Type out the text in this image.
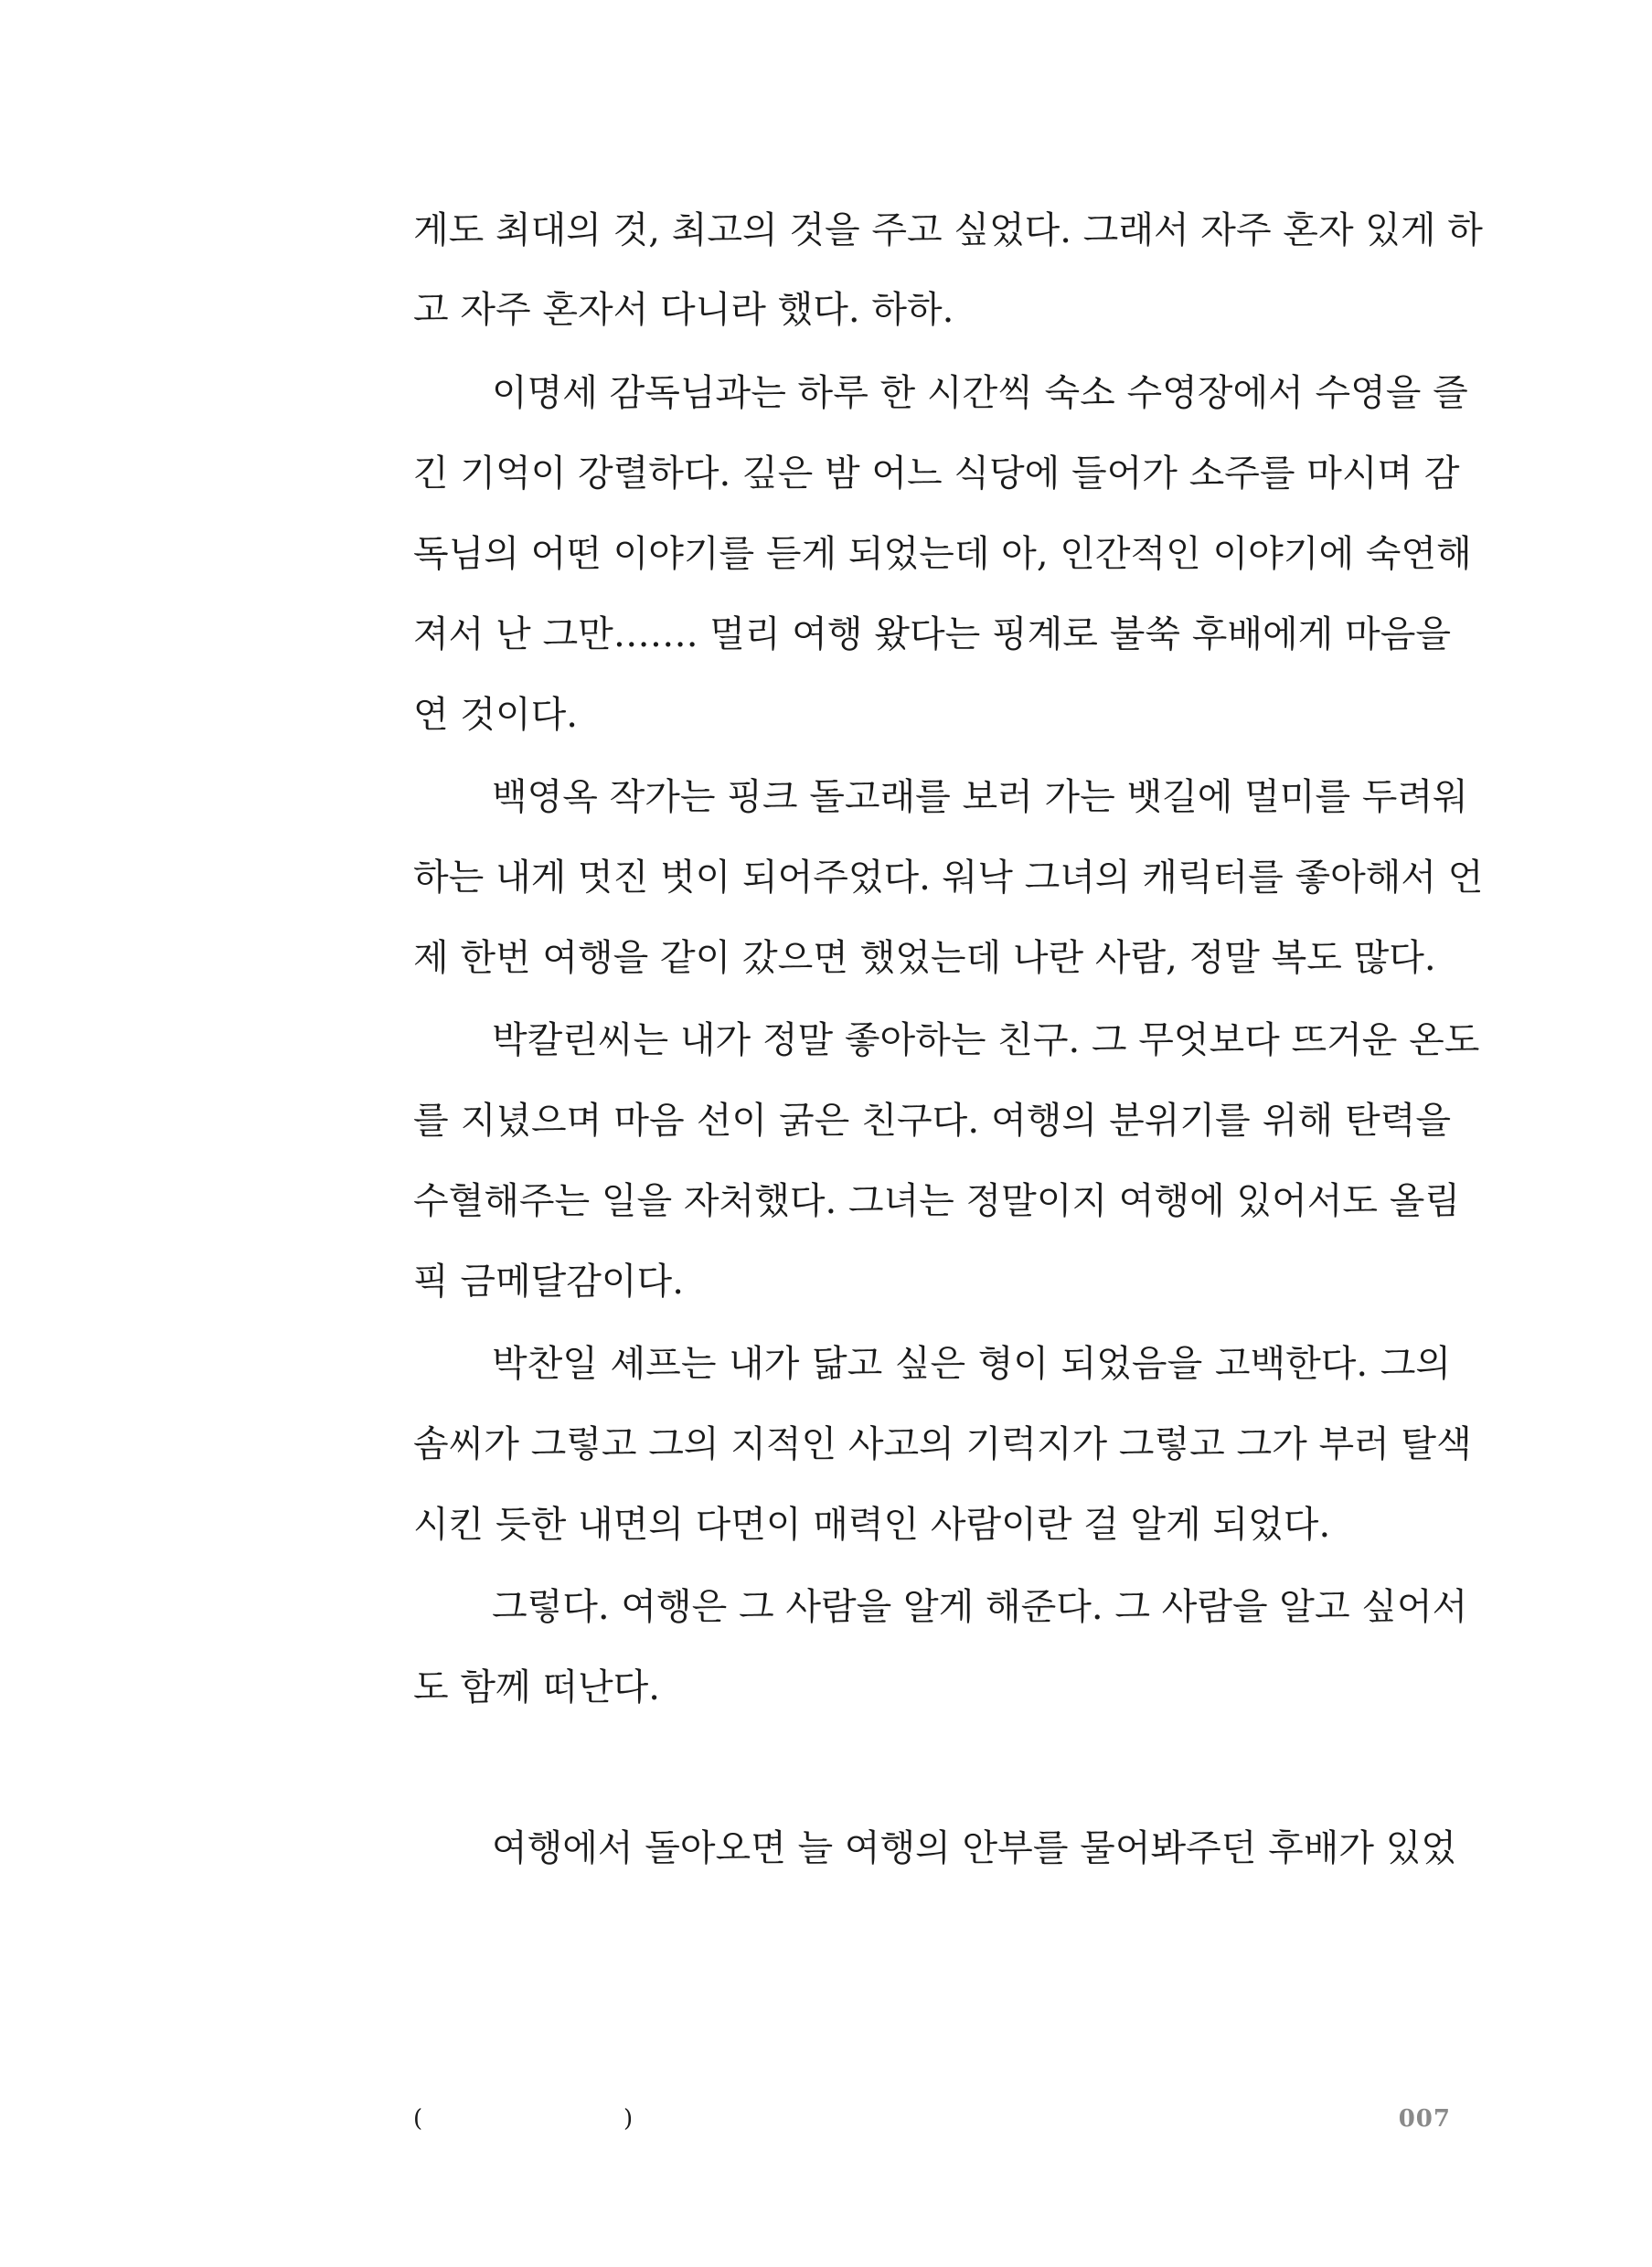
게도 최대의 것, 최고의 것을 주고 싶었다. 그래서 자주 혼자 있게 하
고 자주 혼자서 다니라 했다. 하하.
이명세 감독님과는 하루 한 시간씩 숙소 수영장에서 수영을 즐
긴 기억이 강렬하다. 깊은 밤 어느 식당에 들어가 소주를 마시며 감
독님의 어떤 이야기를 듣게 되었는데 아, 인간적인 이야기에 숙연해
져서 난 그만……. 멀리 여행 왔다는 핑계로 불쑥 후배에게 마음을
연 것이다.
백영옥 작가는 핑크 돌고래를 보러 가는 뱃길에 멀미를 두려워
하는 내게 멋진 벗이 되어주었다. 워낙 그녀의 캐릭터를 좋아해서 언
제 한번 여행을 같이 갔으면 했었는데 나란 사람, 정말 복도 많다.
박칼린씨는 내가 정말 좋아하는 친구. 그 무엇보다 뜨거운 온도
를 지녔으며 마음 선이 굵은 친구다. 여행의 분위기를 위해 탄력을
수혈해주는 일을 자처했다. 그녀는 정말이지 여행에 있어서도 올림
픽 금메달감이다.
박찬일 셰프는 내가 닮고 싶은 형이 되었음을 고백한다. 그의
솜씨가 그렇고 그의 지적인 사고의 기럭지가 그렇고 그가 부러 탈색
시킨 듯한 내면의 다면이 매력인 사람이란 걸 알게 되었다.
그렇다. 여행은 그 사람을 알게 해준다. 그 사람을 알고 싶어서
도 함께 떠난다.
여행에서 돌아오면 늘 여행의 안부를 물어봐주던 후배가 있었
(	)	007
